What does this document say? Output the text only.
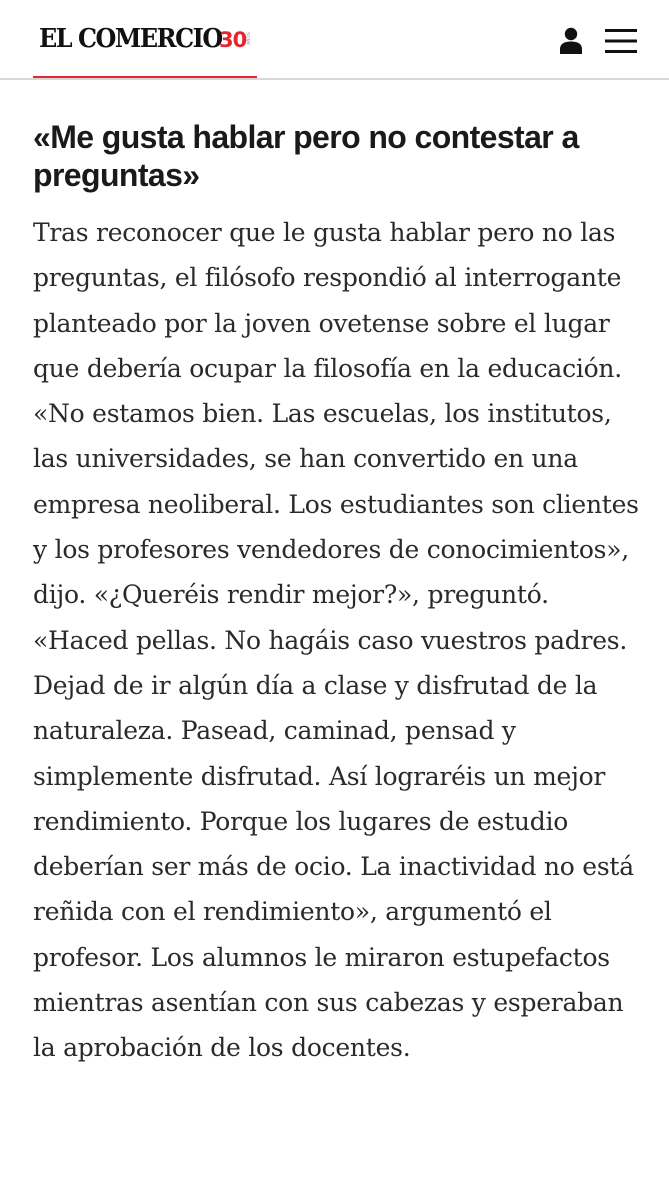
EL COMERCIO
30 AÑOS
«Me gusta hablar pero no contestar a preguntas»

Tras reconocer que le gusta hablar pero no las preguntas, el filósofo respondió al interrogante planteado por la joven ovetense sobre el lugar que debería ocupar la filosofía en la educación. «No estamos bien. Las escuelas, los institutos, las universidades, se han convertido en una empresa neoliberal. Los estudiantes son clientes y los profesores vendedores de conocimientos», dijo. «¿Queréis rendir mejor?», preguntó. «Haced pellas. No hagáis caso vuestros padres. Dejad de ir algún día a clase y disfrutad de la naturaleza. Pasead, caminad, pensad y simplemente disfrutad. Así lograréis un mejor rendimiento. Porque los lugares de estudio deberían ser más de ocio. La inactividad no está reñida con el rendimiento», argumentó el profesor. Los alumnos le miraron estupefactos mientras asentían con sus cabezas y esperaban la aprobación de los docentes.
